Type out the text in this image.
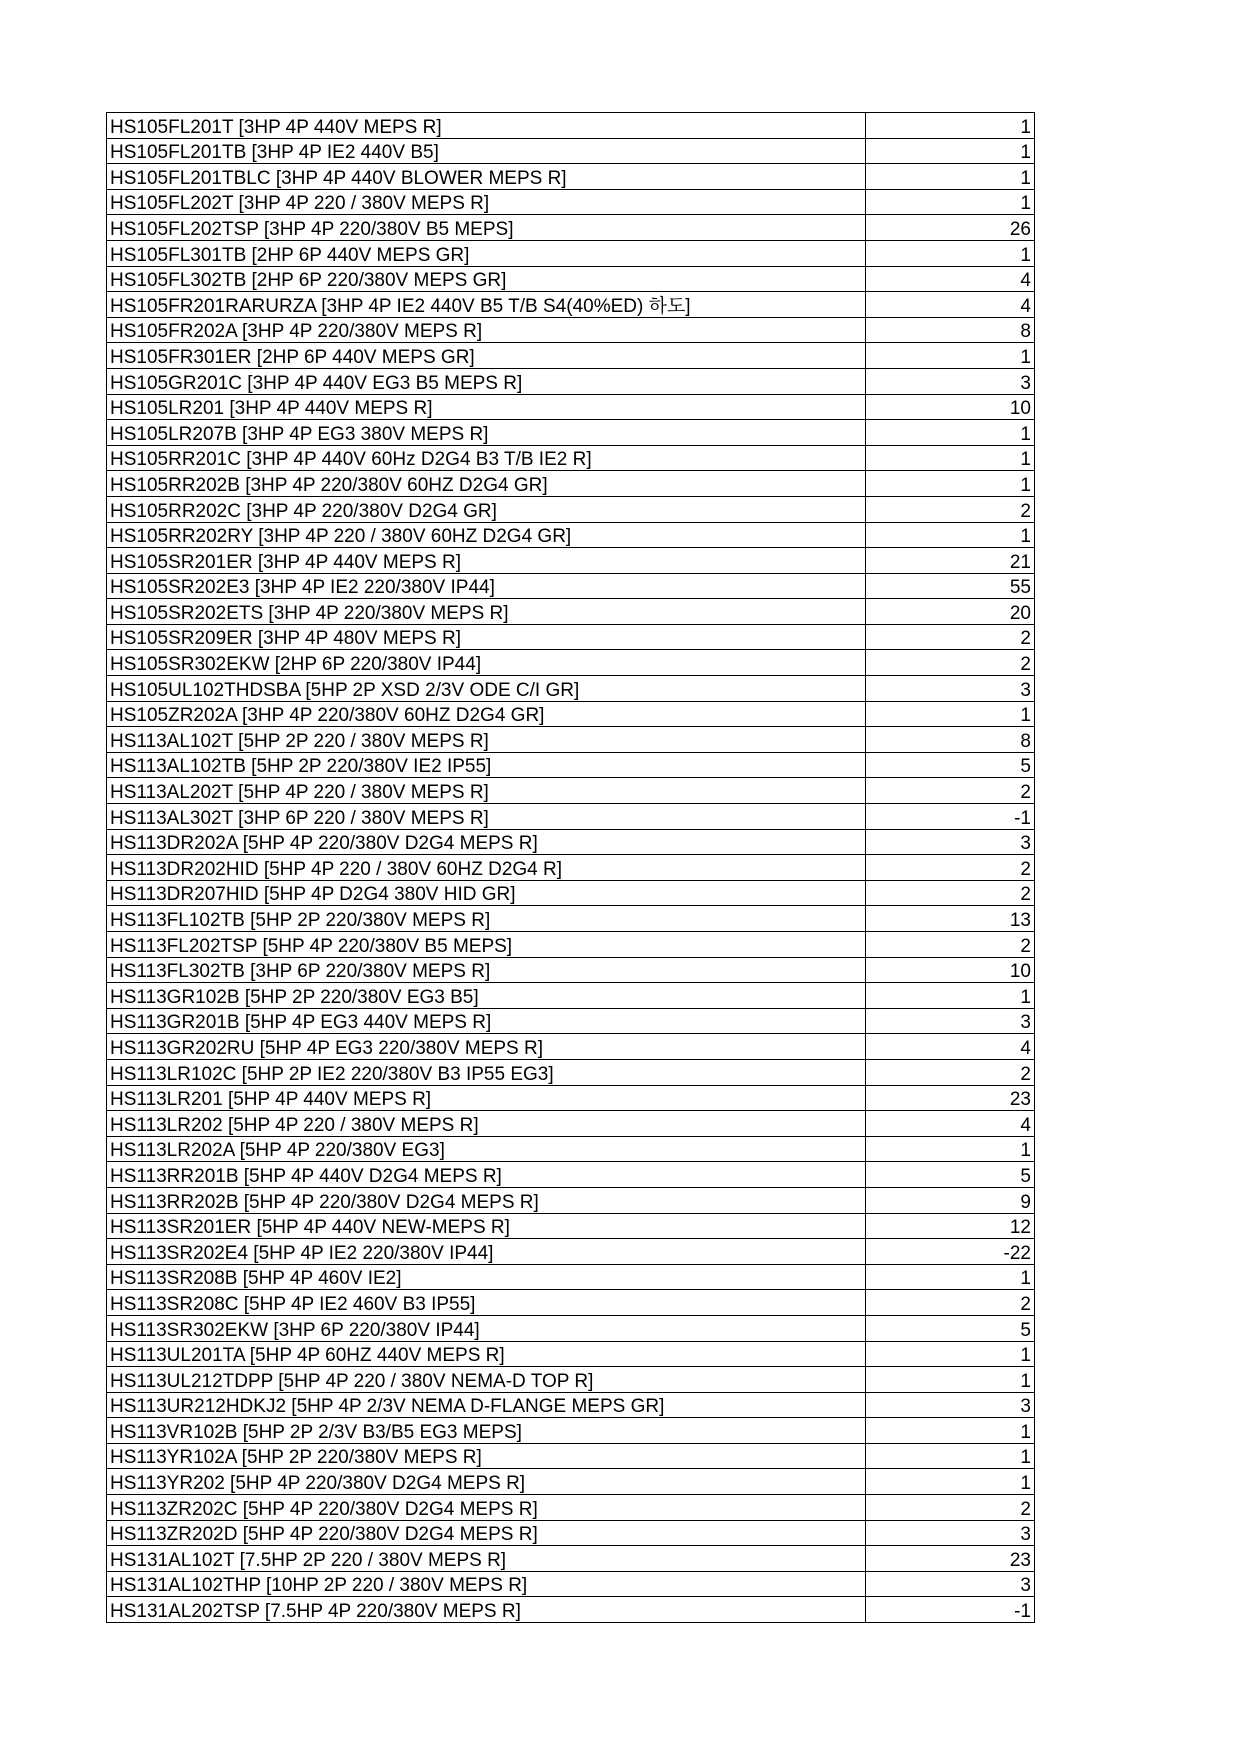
HS105FL201T [3HP 4P 440V MEPS R]	1
HS105FL201TB [3HP 4P IE2 440V B5]	1
HS105FL201TBLC [3HP 4P 440V BLOWER MEPS R]	1
HS105FL202T [3HP 4P 220 / 380V MEPS R]	1
HS105FL202TSP [3HP 4P 220/380V B5 MEPS]	26
HS105FL301TB [2HP 6P 440V MEPS GR]	1
HS105FL302TB [2HP 6P 220/380V MEPS GR]	4
HS105FR201RARURZA [3HP 4P IE2 440V B5 T/B S4(40%ED) 하도]	4
HS105FR202A [3HP 4P 220/380V MEPS R]	8
HS105FR301ER [2HP 6P 440V MEPS GR]	1
HS105GR201C [3HP 4P 440V EG3 B5 MEPS R]	3
HS105LR201 [3HP 4P 440V MEPS R]	10
HS105LR207B [3HP 4P EG3 380V MEPS R]	1
HS105RR201C [3HP 4P 440V 60Hz D2G4 B3 T/B IE2 R]	1
HS105RR202B [3HP 4P 220/380V 60HZ D2G4 GR]	1
HS105RR202C [3HP 4P 220/380V D2G4 GR]	2
HS105RR202RY [3HP 4P 220 / 380V 60HZ D2G4 GR]	1
HS105SR201ER [3HP 4P 440V MEPS R]	21
HS105SR202E3 [3HP 4P IE2 220/380V IP44]	55
HS105SR202ETS [3HP 4P 220/380V MEPS R]	20
HS105SR209ER [3HP 4P 480V MEPS R]	2
HS105SR302EKW [2HP 6P 220/380V IP44]	2
HS105UL102THDSBA [5HP 2P XSD 2/3V ODE C/I GR]	3
HS105ZR202A [3HP 4P 220/380V 60HZ D2G4 GR]	1
HS113AL102T [5HP 2P 220 / 380V MEPS R]	8
HS113AL102TB [5HP 2P 220/380V IE2 IP55]	5
HS113AL202T [5HP 4P 220 / 380V MEPS R]	2
HS113AL302T [3HP 6P 220 / 380V MEPS R]	-1
HS113DR202A [5HP 4P 220/380V D2G4 MEPS R]	3
HS113DR202HID [5HP 4P 220 / 380V 60HZ D2G4 R]	2
HS113DR207HID [5HP 4P D2G4 380V HID GR]	2
HS113FL102TB [5HP 2P 220/380V MEPS R]	13
HS113FL202TSP [5HP 4P 220/380V B5 MEPS]	2
HS113FL302TB [3HP 6P 220/380V MEPS R]	10
HS113GR102B [5HP 2P 220/380V EG3 B5]	1
HS113GR201B [5HP 4P EG3 440V MEPS R]	3
HS113GR202RU [5HP 4P EG3 220/380V MEPS R]	4
HS113LR102C [5HP 2P IE2 220/380V B3 IP55 EG3]	2
HS113LR201 [5HP 4P 440V MEPS R]	23
HS113LR202 [5HP 4P 220 / 380V MEPS R]	4
HS113LR202A [5HP 4P 220/380V EG3]	1
HS113RR201B [5HP 4P 440V D2G4 MEPS R]	5
HS113RR202B [5HP 4P 220/380V D2G4 MEPS R]	9
HS113SR201ER [5HP 4P 440V NEW-MEPS R]	12
HS113SR202E4 [5HP 4P IE2 220/380V IP44]	-22
HS113SR208B [5HP 4P 460V IE2]	1
HS113SR208C [5HP 4P IE2 460V B3 IP55]	2
HS113SR302EKW [3HP 6P 220/380V IP44]	5
HS113UL201TA [5HP 4P 60HZ 440V MEPS R]	1
HS113UL212TDPP [5HP 4P 220 / 380V NEMA-D TOP R]	1
HS113UR212HDKJ2 [5HP 4P 2/3V NEMA D-FLANGE MEPS GR]	3
HS113VR102B [5HP 2P 2/3V B3/B5 EG3 MEPS]	1
HS113YR102A [5HP 2P 220/380V MEPS R]	1
HS113YR202 [5HP 4P 220/380V D2G4 MEPS R]	1
HS113ZR202C [5HP 4P 220/380V D2G4 MEPS R]	2
HS113ZR202D [5HP 4P 220/380V D2G4 MEPS R]	3
HS131AL102T [7.5HP 2P 220 / 380V MEPS R]	23
HS131AL102THP [10HP 2P 220 / 380V MEPS R]	3
HS131AL202TSP [7.5HP 4P 220/380V MEPS R]	-1
